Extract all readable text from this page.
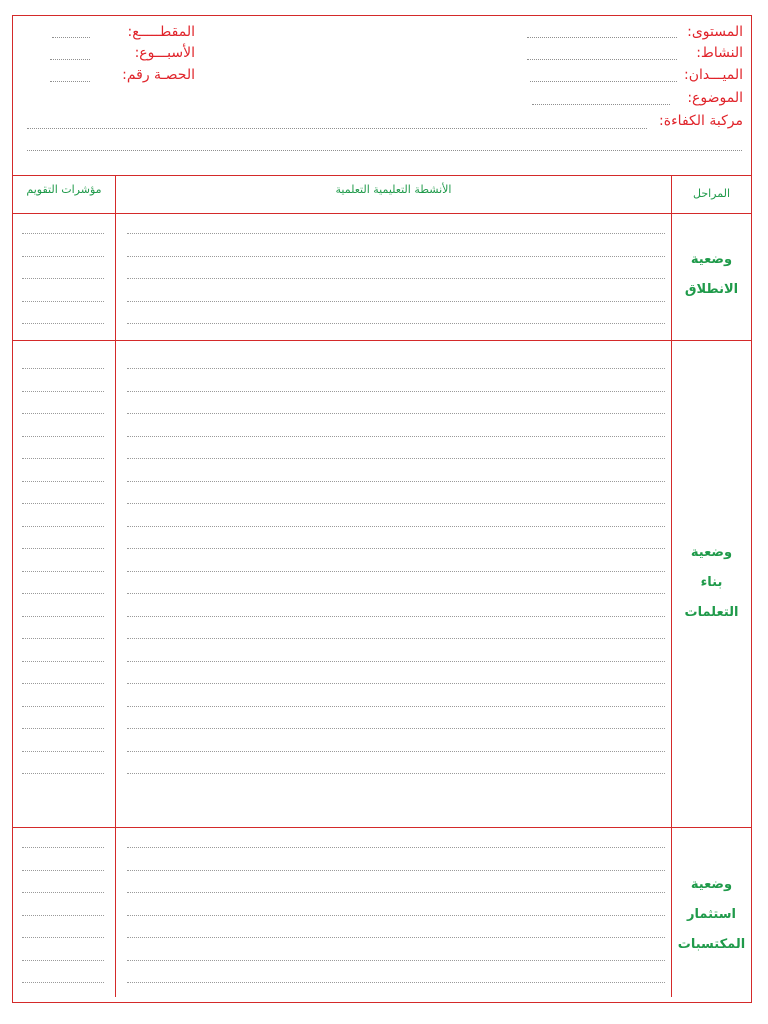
المستوى:
النشاط:
الميـــدان:
الموضوع:
مركبة الكفاءة:
المقطـــــع:
الأسبـــوع:
الحصـة رقم:
المراحل
الأنشطة التعليمية التعلمية
مؤشرات التقويم
وضعية
الانطلاق
وضعية
بناء
التعلمات
وضعية
استثمار
المكتسبات
